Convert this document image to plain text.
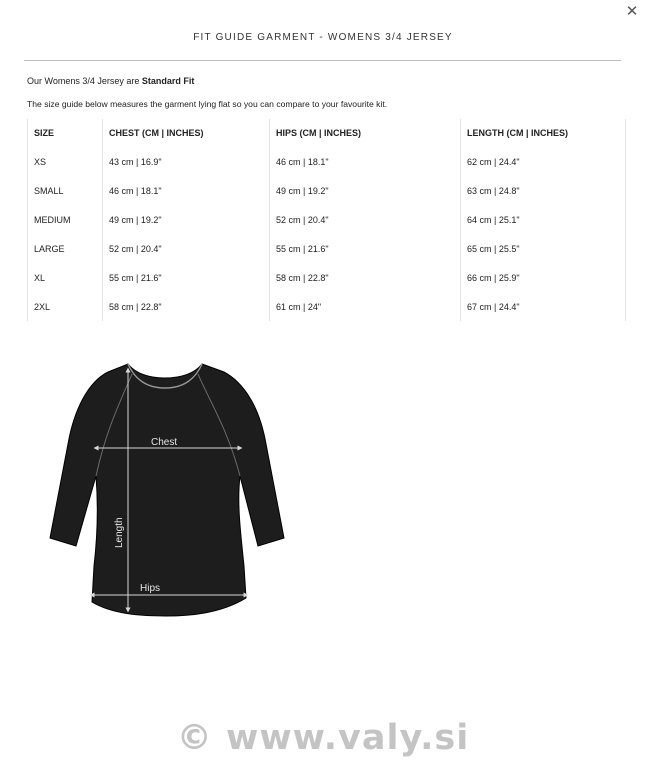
✕
FIT GUIDE GARMENT - WOMENS 3/4 JERSEY
Our Womens 3/4 Jersey are Standard Fit
The size guide below measures the garment lying flat so you can compare to your favourite kit.
SIZE	CHEST (CM | INCHES)	HIPS (CM | INCHES)	LENGTH (CM | INCHES)
XS	43 cm | 16.9"	46 cm | 18.1"	62 cm | 24.4"
SMALL	46 cm | 18.1"	49 cm | 19.2"	63 cm | 24.8"
MEDIUM	49 cm | 19.2"	52 cm | 20.4"	64 cm | 25.1"
LARGE	52 cm | 20.4"	55 cm | 21.6"	65 cm | 25.5"
XL	55 cm | 21.6"	58 cm | 22.8"	66 cm | 25.9"
2XL	58 cm | 22.8"	61 cm | 24"	67 cm | 24.4"
Chest
Length
Hips
© www.valy.si
